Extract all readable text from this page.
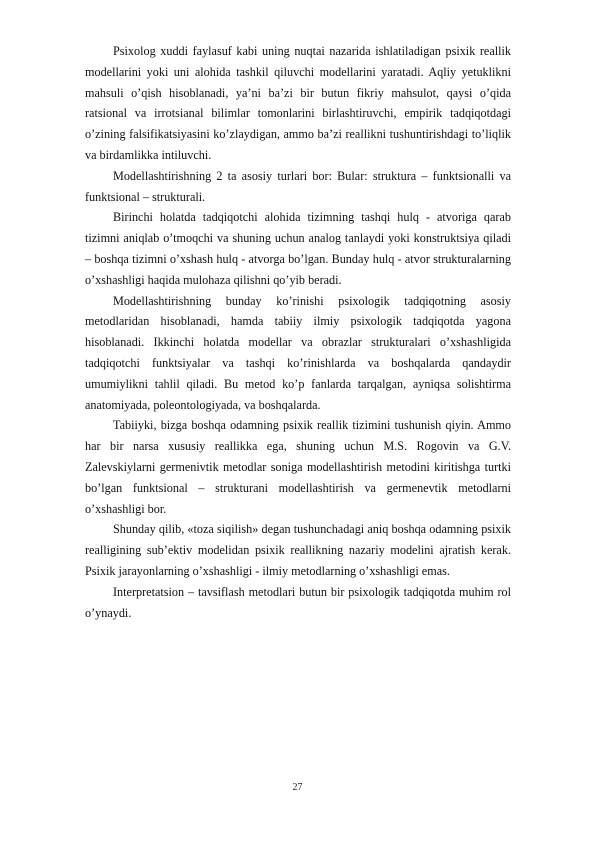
Psixolog xuddi faylasuf kabi uning nuqtai nazarida ishlatiladigan psixik reallik modellarini yoki uni alohida tashkil qiluvchi modellarini yaratadi. Aqliy yetuklikni mahsuli o’qish hisoblanadi, ya’ni ba’zi bir butun fikriy mahsulot, qaysi o’qida ratsional va irrotsianal bilimlar tomonlarini birlashtiruvchi, empirik tadqiqotdagi o’zining falsifikatsiyasini ko’zlaydigan, ammo ba’zi reallikni tushuntirishdagi to’liqlik va birdamlikka intiluvchi.

Modellashtirishning 2 ta asosiy turlari bor: Bular: struktura – funktsionalli va funktsional – strukturali.

Birinchi holatda tadqiqotchi alohida tizimning tashqi hulq - atvoriga qarab tizimni aniqlab o’tmoqchi va shuning uchun analog tanlaydi yoki konstruktsiya qiladi – boshqa tizimni o’xshash hulq - atvorga bo’lgan. Bunday hulq - atvor strukturalarning o’xshashligi haqida mulohaza qilishni qo’yib beradi.

Modellashtirishning bunday ko’rinishi psixologik tadqiqotning asosiy metodlaridan hisoblanadi, hamda tabiiy ilmiy psixologik tadqiqotda yagona hisoblanadi. Ikkinchi holatda modellar va obrazlar strukturalari o’xshashligida tadqiqotchi funktsiyalar va tashqi ko’rinishlarda va boshqalarda qandaydir umumiylikni tahlil qiladi. Bu metod ko’p fanlarda tarqalgan, ayniqsa solishtirma anatomiyada, poleontologiyada, va boshqalarda.

Tabiiyki, bizga boshqa odamning psixik reallik tizimini tushunish qiyin. Ammo har bir narsa xususiy reallikka ega, shuning uchun M.S. Rogovin va G.V. Zalevskiylarni germenivtik metodlar soniga modellashtirish metodini kiritishga turtki bo’lgan funktsional – strukturani modellashtirish va germenevtik metodlarni o’xshashligi bor.

Shunday qilib, «toza siqilish» degan tushunchadagi aniq boshqa odamning psixik realligining sub’ektiv modelidan psixik reallikning nazariy modelini ajratish kerak. Psixik jarayonlarning o’xshashligi - ilmiy metodlarning o’xshashligi emas.

Interpretatsion – tavsiflash metodlari butun bir psixologik tadqiqotda muhim rol o’ynaydi.

27
